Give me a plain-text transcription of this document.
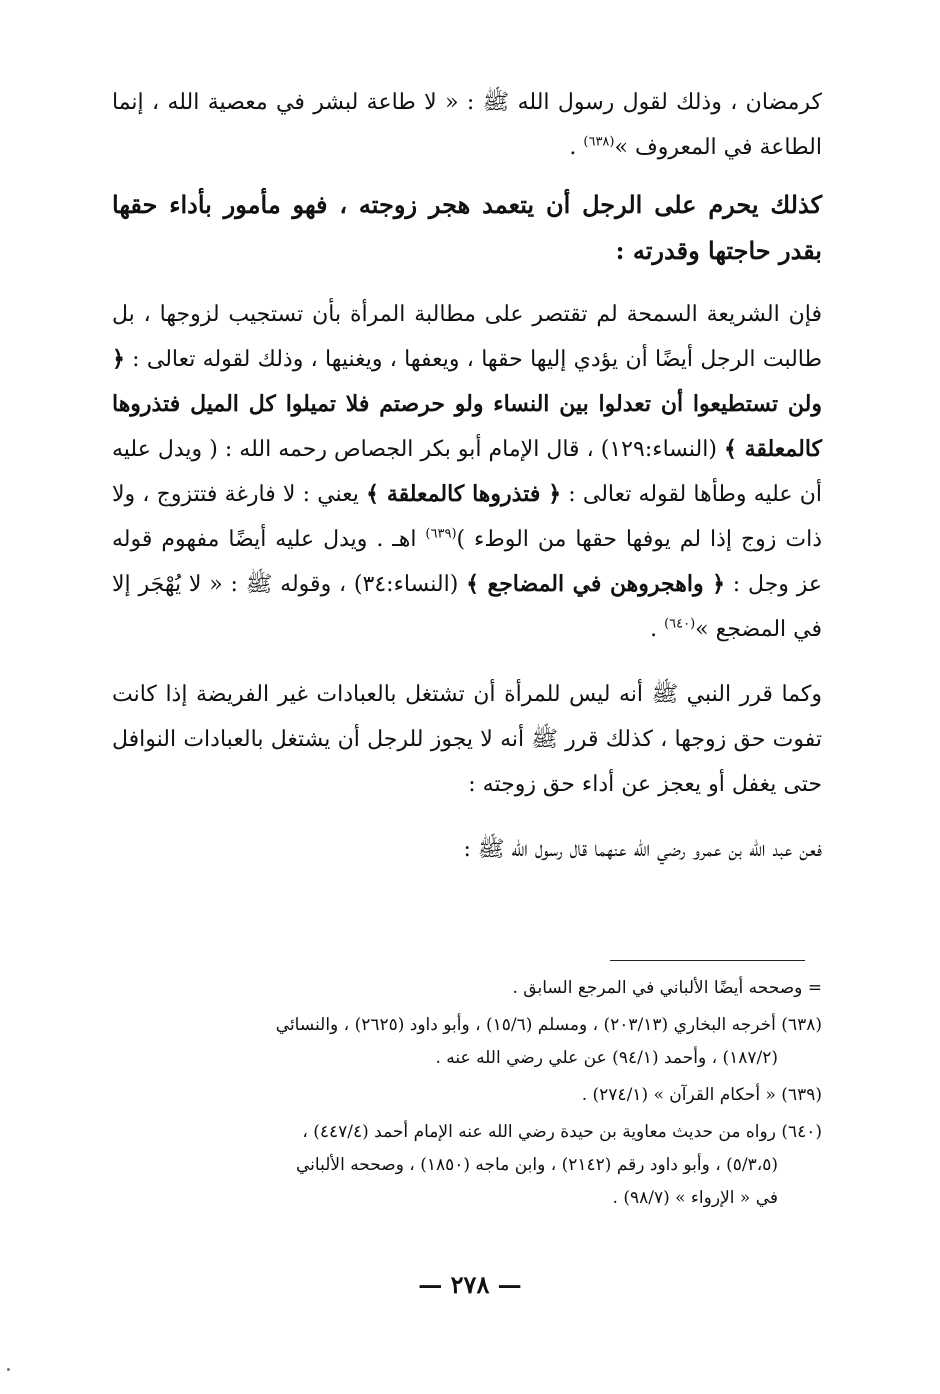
كرمضان ، وذلك لقول رسول الله ﷺ : « لا طاعة لبشر في معصية الله ، إنما الطاعة في المعروف »$^{(٦٣٨)}$ .

كذلك يحرم على الرجل أن يتعمد هجر زوجته ، فهو مأمور بأداء حقها بقدر حاجتها وقدرته :

فإن الشريعة السمحة لم تقتصر على مطالبة المرأة بأن تستجيب لزوجها ، بل طالبت الرجل أيضًا أن يؤدي إليها حقها ، ويعفها ، ويغنيها ، وذلك لقوله تعالى : ﴿ ولن تستطيعوا أن تعدلوا بين النساء ولو حرصتم فلا تميلوا كل الميل فتذروها كالمعلقة ﴾ (النساء:١٢٩) ، قال الإمام أبو بكر الجصاص رحمه الله : ( ويدل عليه أن عليه وطأها لقوله تعالى : ﴿ فتذروها كالمعلقة ﴾ يعني : لا فارغة فتتزوج ، ولا ذات زوج إذا لم يوفها حقها من الوطء )$^{(٦٣٩)}$ اهـ . ويدل عليه أيضًا مفهوم قوله عز وجل : ﴿ واهجروهن في المضاجع ﴾ (النساء:٣٤) ، وقوله ﷺ : « لا يُهْجَر إلا في المضجع »$^{(٦٤٠)}$ .

وكما قرر النبي ﷺ أنه ليس للمرأة أن تشتغل بالعبادات غير الفريضة إذا كانت تفوت حق زوجها ، كذلك قرر ﷺ أنه لا يجوز للرجل أن يشتغل بالعبادات النوافل حتى يغفل أو يعجز عن أداء حق زوجته :

فعن عبد الله بن عمرو رضي الله عنهما قال رسول الله ﷺ :

= وصححه أيضًا الألباني في المرجع السابق .

(٦٣٨) أخرجه البخاري (٢٠٣/١٣) ، ومسلم (١٥/٦) ، وأبو داود (٢٦٢٥) ، والنسائي
(١٨٧/٢) ، وأحمد (٩٤/١) عن علي رضي الله عنه .

(٦٣٩) « أحكام القرآن » (٢٧٤/١) .

(٦٤٠) رواه من حديث معاوية بن حيدة رضي الله عنه الإمام أحمد (٤٤٧/٤) ،
(٥/٣،٥) ، وأبو داود رقم (٢١٤٢) ، وابن ماجه (١٨٥٠) ، وصححه الألباني
في « الإرواء » (٩٨/٧) .

— ٢٧٨ —
